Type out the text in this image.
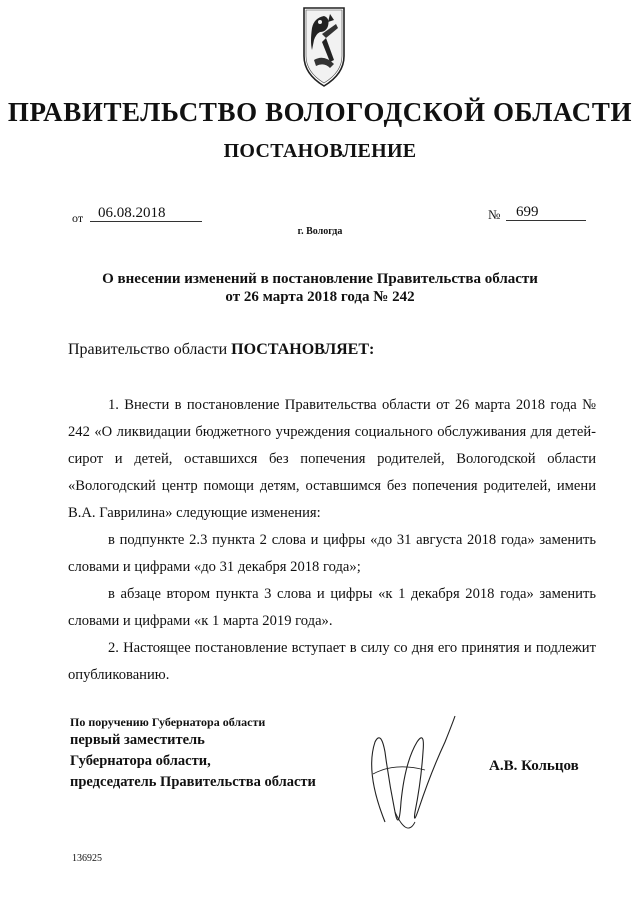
ПРАВИТЕЛЬСТВО ВОЛОГОДСКОЙ ОБЛАСТИ
ПОСТАНОВЛЕНИЕ
от 06.08.2018	№	699
г. Вологда
О внесении изменений в постановление Правительства области
от 26 марта 2018 года № 242
Правительство области ПОСТАНОВЛЯЕТ:

1. Внести в постановление Правительства области от 26 марта 2018 года № 242 «О ликвидации бюджетного учреждения социального обслуживания для детей-сирот и детей, оставшихся без попечения родителей, Вологодской области «Вологодский центр помощи детям, оставшимся без попечения родителей, имени В.А. Гаврилина» следующие изменения:

в подпункте 2.3 пункта 2 слова и цифры «до 31 августа 2018 года» заменить словами и цифрами «до 31 декабря 2018 года»;

в абзаце втором пункта 3 слова и цифры «к 1 декабря 2018 года» заменить словами и цифрами «к 1 марта 2019 года».

2. Настоящее постановление вступает в силу со дня его принятия и подлежит опубликованию.

По поручению Губернатора области
первый заместитель
Губернатора области,
председатель Правительства области
А.В. Кольцов
136925
